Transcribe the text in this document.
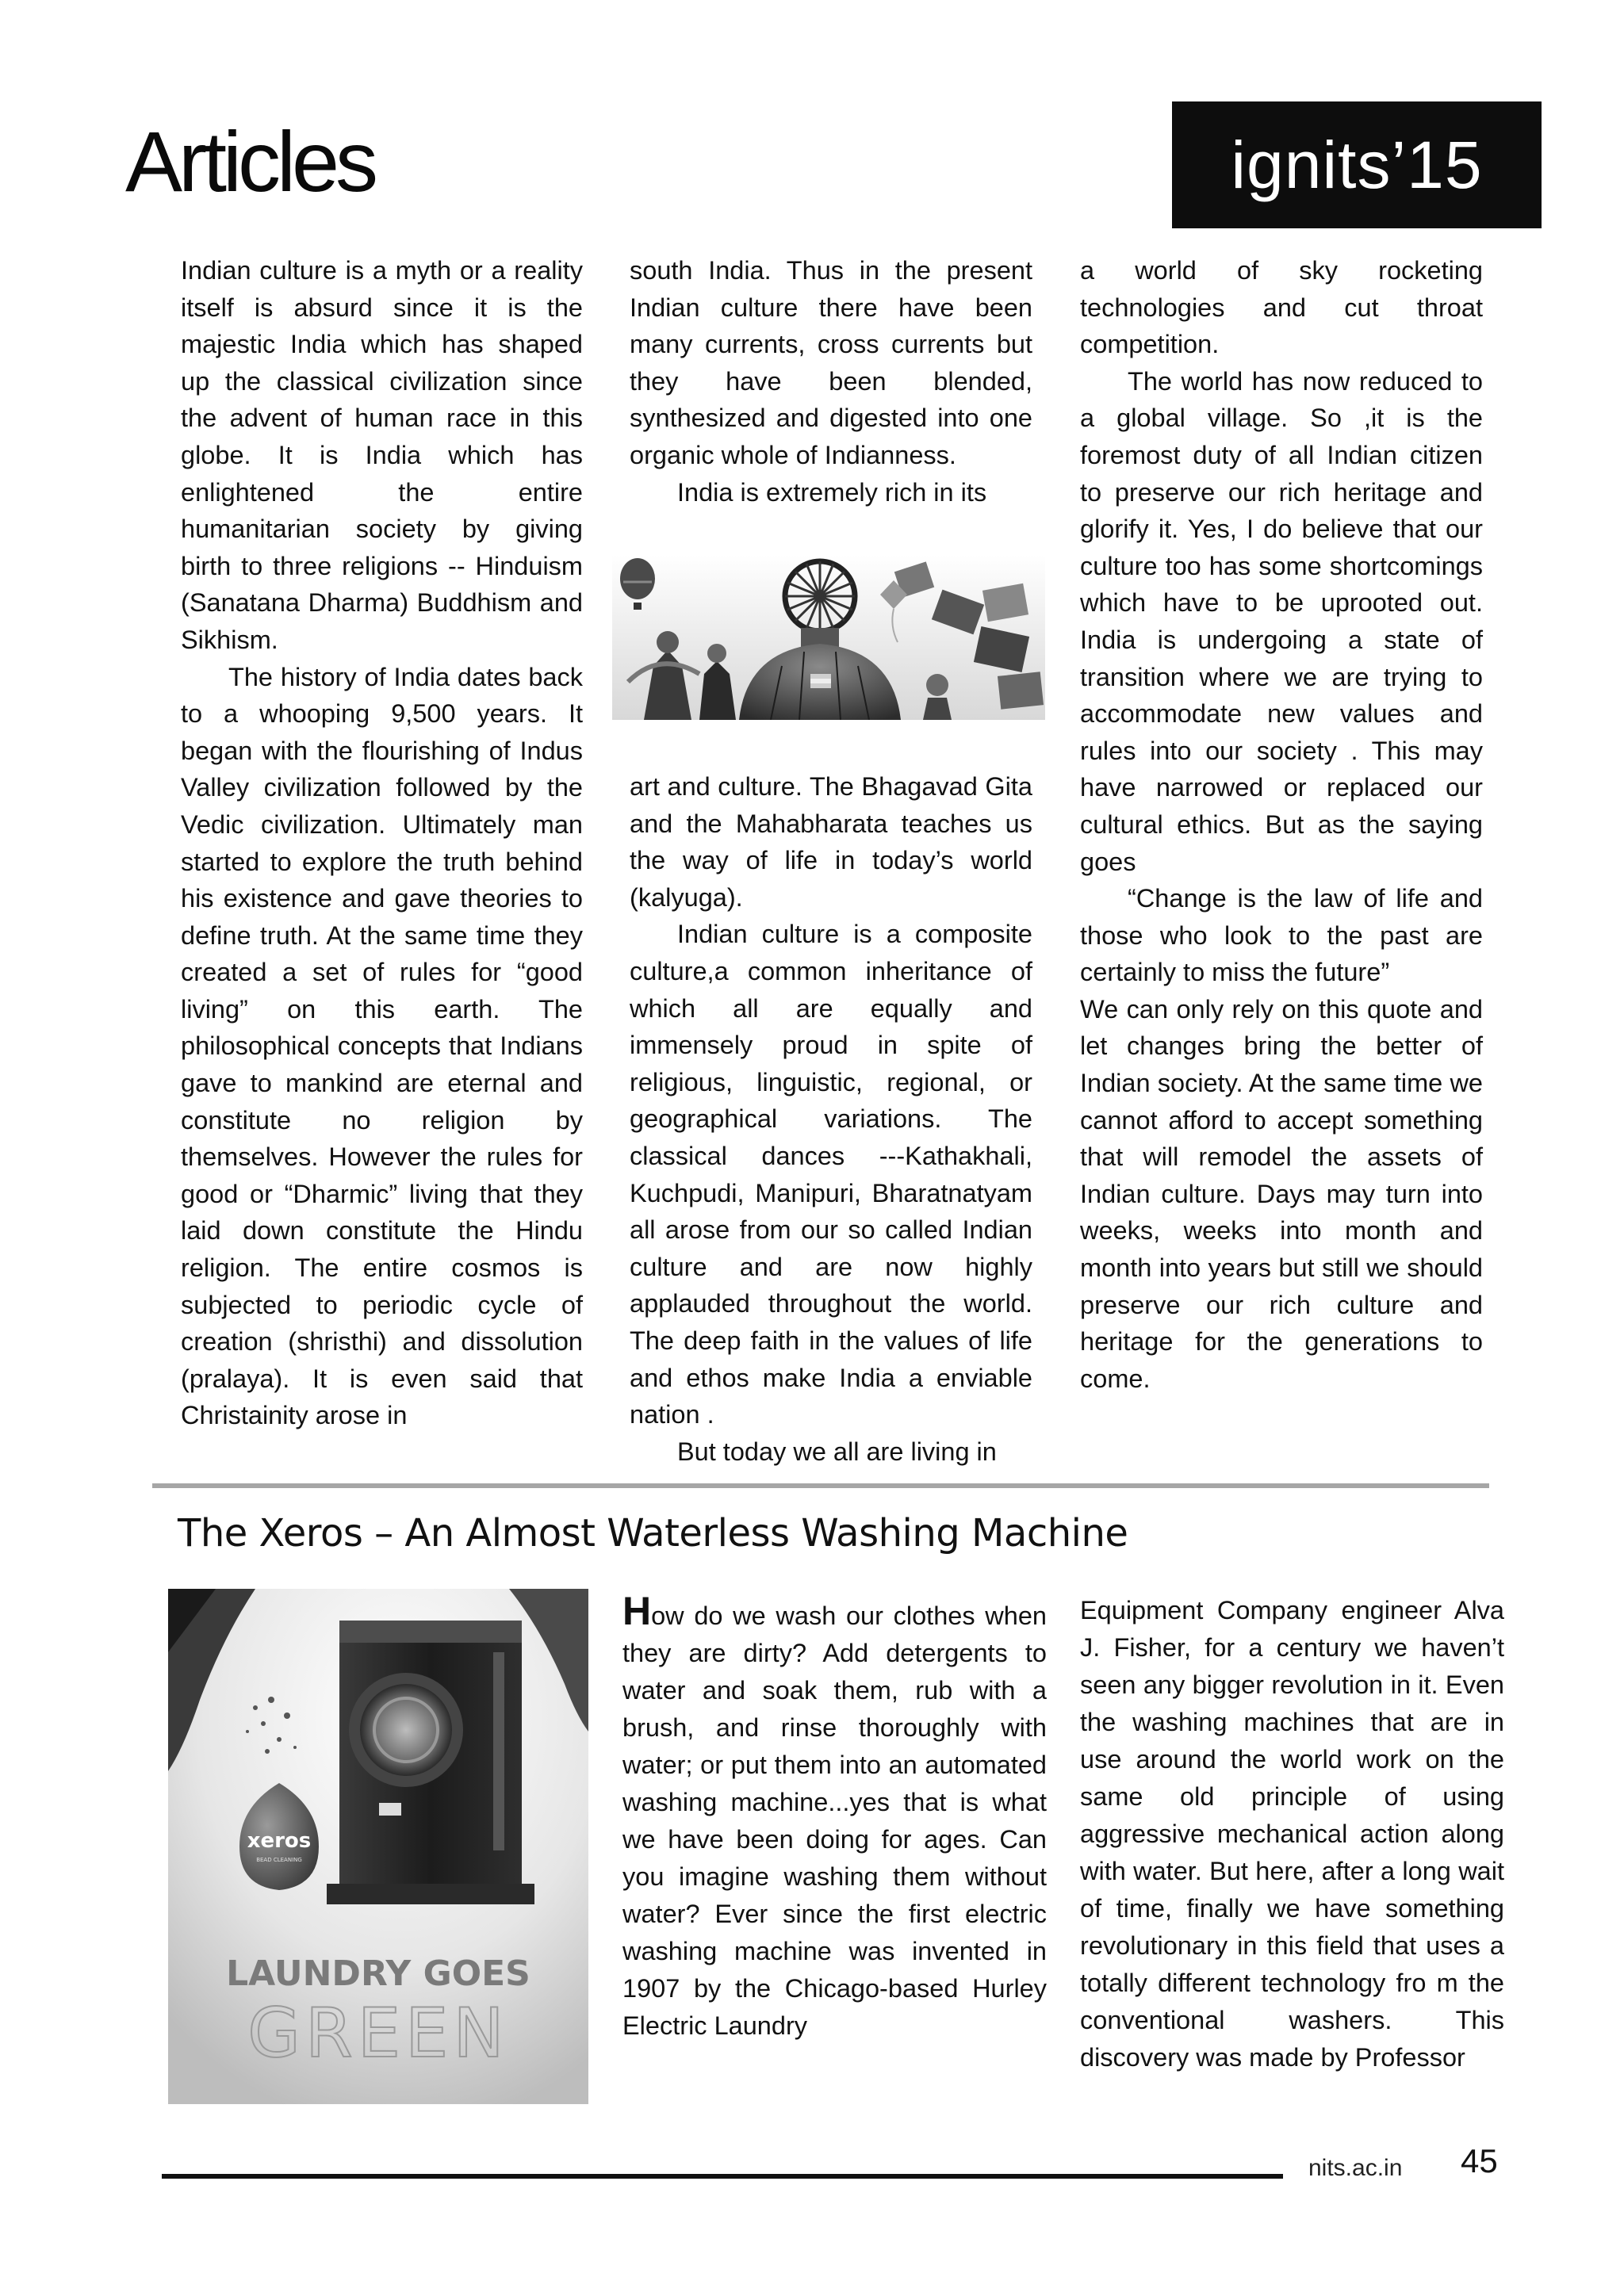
Articles	ignits’15

Indian culture is a myth or a reality itself is absurd since it is the majestic India which has shaped up the classical civilization since the advent of human race in this globe. It is India which has enlightened the entire humanitarian society by giving birth to three religions -- Hinduism (Sanatana Dharma) Buddhism and Sikhism.

The history of India dates back to a whooping 9,500 years. It began with the flourishing of Indus Valley civilization followed by the Vedic civilization. Ultimately man started to explore the truth behind his existence and gave theories to define truth. At the same time they created a set of rules for “good living” on this earth. The philosophical concepts that Indians gave to mankind are eternal and constitute no religion by themselves. However the rules for good or “Dharmic” living that they laid down constitute the Hindu religion. The entire cosmos is subjected to periodic cycle of creation (shristhi) and dissolution (pralaya). It is even said that Christainity arose in

south India. Thus in the present Indian culture there have been many currents, cross currents but they have been blended, synthesized and digested into one organic whole of Indianness.

India is extremely rich in its

art and culture. The Bhagavad Gita and the Mahabharata teaches us the way of life in today’s world (kalyuga).

Indian culture is a composite culture,a common inheritance of which all are equally and immensely proud in spite of religious, linguistic, regional, or geographical variations. The classical dances ---Kathakhali, Kuchpudi, Manipuri, Bharatnatyam all arose from our so called Indian culture and are now highly applauded throughout the world. The deep faith in the values of life and ethos make India a enviable nation .

But today we all are living in

a world of sky rocketing technologies and cut throat competition.

The world has now reduced to a global village. So ,it is the foremost duty of all Indian citizen to preserve our rich heritage and glorify it. Yes, I do believe that our culture too has some shortcomings which have to be uprooted out. India is undergoing a state of transition where we are trying to accommodate new values and rules into our society . This may have narrowed or replaced our cultural ethics. But as the saying goes

“Change is the law of life and those who look to the past are certainly to miss the future”

We can only rely on this quote and let changes bring the better of Indian society. At the same time we cannot afford to accept something that will remodel the assets of Indian culture. Days may turn into weeks, weeks into month and month into years but still we should preserve our rich culture and heritage for the generations to come.

The Xeros – An Almost Waterless Washing Machine
xeros
BEAD CLEANING
LAUNDRY GOES
GREEN

How do we wash our clothes when they are dirty? Add detergents to water and soak them, rub with a brush, and rinse thoroughly with water; or put them into an automated washing machine...yes that is what we have been doing for ages. Can you imagine washing them without water? Ever since the first electric washing machine was invented in 1907 by the Chicago-based Hurley Electric Laundry

Equipment Company engineer Alva J. Fisher, for a century we haven’t seen any bigger revolution in it. Even the washing machines that are in use around the world work on the same old principle of using aggressive mechanical action along with water. But here, after a long wait of time, finally we have something revolutionary in this field that uses a totally different technology fro m the conventional washers. This discovery was made by Professor

nits.ac.in 45
